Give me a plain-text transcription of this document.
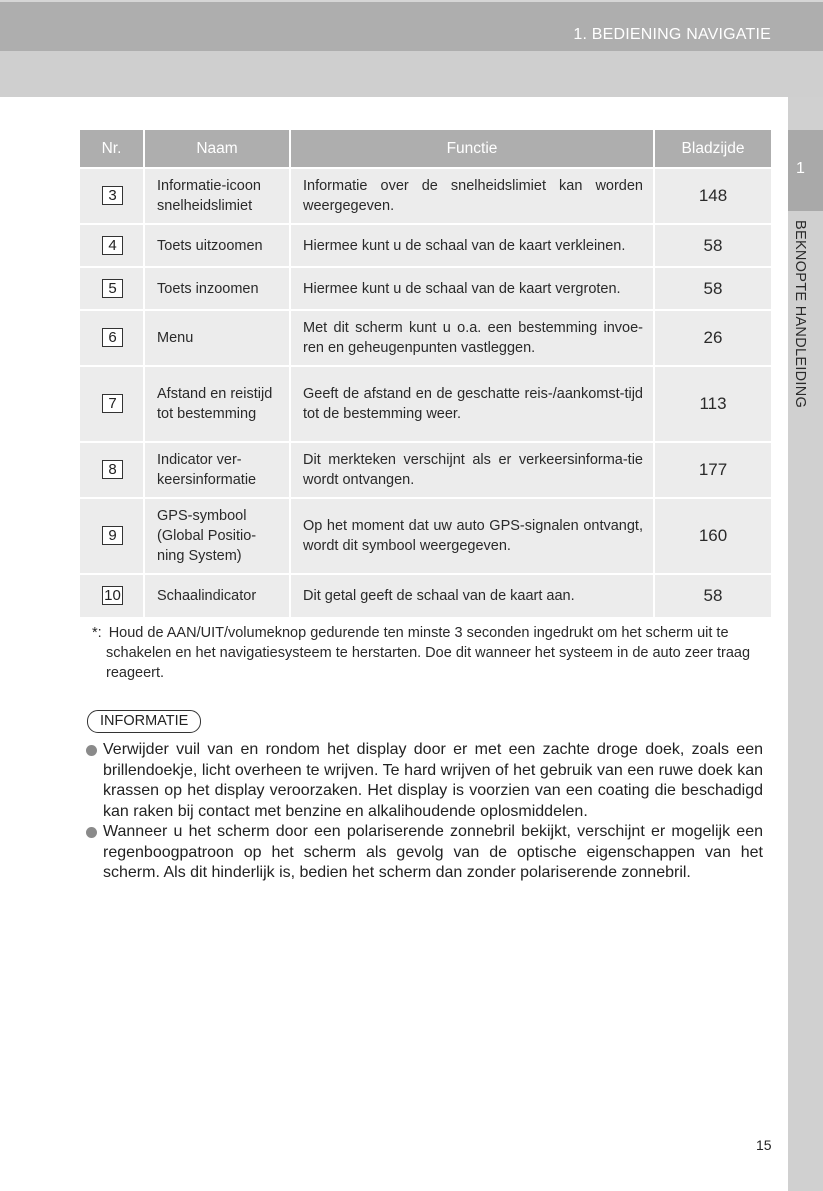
1. BEDIENING NAVIGATIE
1
BEKNOPTE HANDLEIDING
Nr.	Naam	Functie	Bladzijde
3	Informatie-icoon snelheidslimiet	Informatie over de snelheidslimiet kan worden weergegeven.	148
4	Toets uitzoomen	Hiermee kunt u de schaal van de kaart verkleinen.	58
5	Toets inzoomen	Hiermee kunt u de schaal van de kaart vergroten.	58
6	Menu	Met dit scherm kunt u o.a. een bestemming invoe-ren en geheugenpunten vastleggen.	26
7	Afstand en reistijd tot bestemming	Geeft de afstand en de geschatte reis-/aankomst-tijd tot de bestemming weer.	113
8	Indicator ver-keersinformatie	Dit merkteken verschijnt als er verkeersinforma-tie wordt ontvangen.	177
9	GPS-symbool (Global Positio-ning System)	Op het moment dat uw auto GPS-signalen ontvangt, wordt dit symbool weergegeven.	160
10	Schaalindicator	Dit getal geeft de schaal van de kaart aan.	58
*: Houd de AAN/UIT/volumeknop gedurende ten minste 3 seconden ingedrukt om het scherm uit te schakelen en het navigatiesysteem te herstarten. Doe dit wanneer het systeem in de auto zeer traag reageert.
INFORMATIE
Verwijder vuil van en rondom het display door er met een zachte droge doek, zoals een brillendoekje, licht overheen te wrijven. Te hard wrijven of het gebruik van een ruwe doek kan krassen op het display veroorzaken. Het display is voorzien van een coating die beschadigd kan raken bij contact met benzine en alkalihoudende oplosmiddelen.
Wanneer u het scherm door een polariserende zonnebril bekijkt, verschijnt er mogelijk een regenboogpatroon op het scherm als gevolg van de optische eigenschappen van het scherm. Als dit hinderlijk is, bedien het scherm dan zonder polariserende zonnebril.
15
